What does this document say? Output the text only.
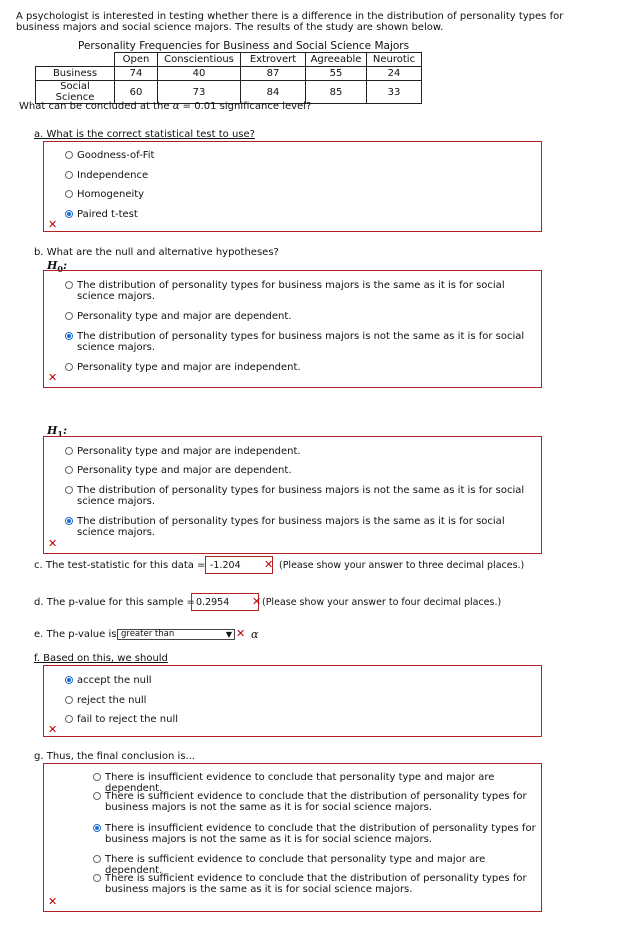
A psychologist is interested in testing whether there is a difference in the distribution of personality types for business majors and social science majors. The results of the study are shown below.
Personality Frequencies for Business and Social Science Majors
	Open	Conscientious	Extrovert	Agreeable	Neurotic
Business	74	40	87	55	24
Social Science	60	73	84	85	33
What can be concluded at the α = 0.01 significance level?
a. What is the correct statistical test to use?
Goodness-of-Fit
Independence
Homogeneity
Paired t-test
✕
b. What are the null and alternative hypotheses?
$H_0$:
The distribution of personality types for business majors is the same as it is for social science majors.
Personality type and major are dependent.
The distribution of personality types for business majors is not the same as it is for social science majors.
Personality type and major are independent.
✕
$H_1$:
Personality type and major are independent.
Personality type and major are dependent.
The distribution of personality types for business majors is not the same as it is for social science majors.
The distribution of personality types for business majors is the same as it is for social science majors.
✕
c. The test-statistic for this data = -1.204	✕ (Please show your answer to three decimal places.)
d. The p-value for this sample = 0.2954	✕ (Please show your answer to four decimal places.)
e. The p-value is greater than	▼ ✕ α
f. Based on this, we should
accept the null
reject the null
fail to reject the null
✕
g. Thus, the final conclusion is...
There is insufficient evidence to conclude that personality type and major are dependent.
There is sufficient evidence to conclude that the distribution of personality types for business majors is not the same as it is for social science majors.
There is insufficient evidence to conclude that the distribution of personality types for business majors is not the same as it is for social science majors.
There is sufficient evidence to conclude that personality type and major are dependent.
There is sufficient evidence to conclude that the distribution of personality types for business majors is the same as it is for social science majors.
✕
